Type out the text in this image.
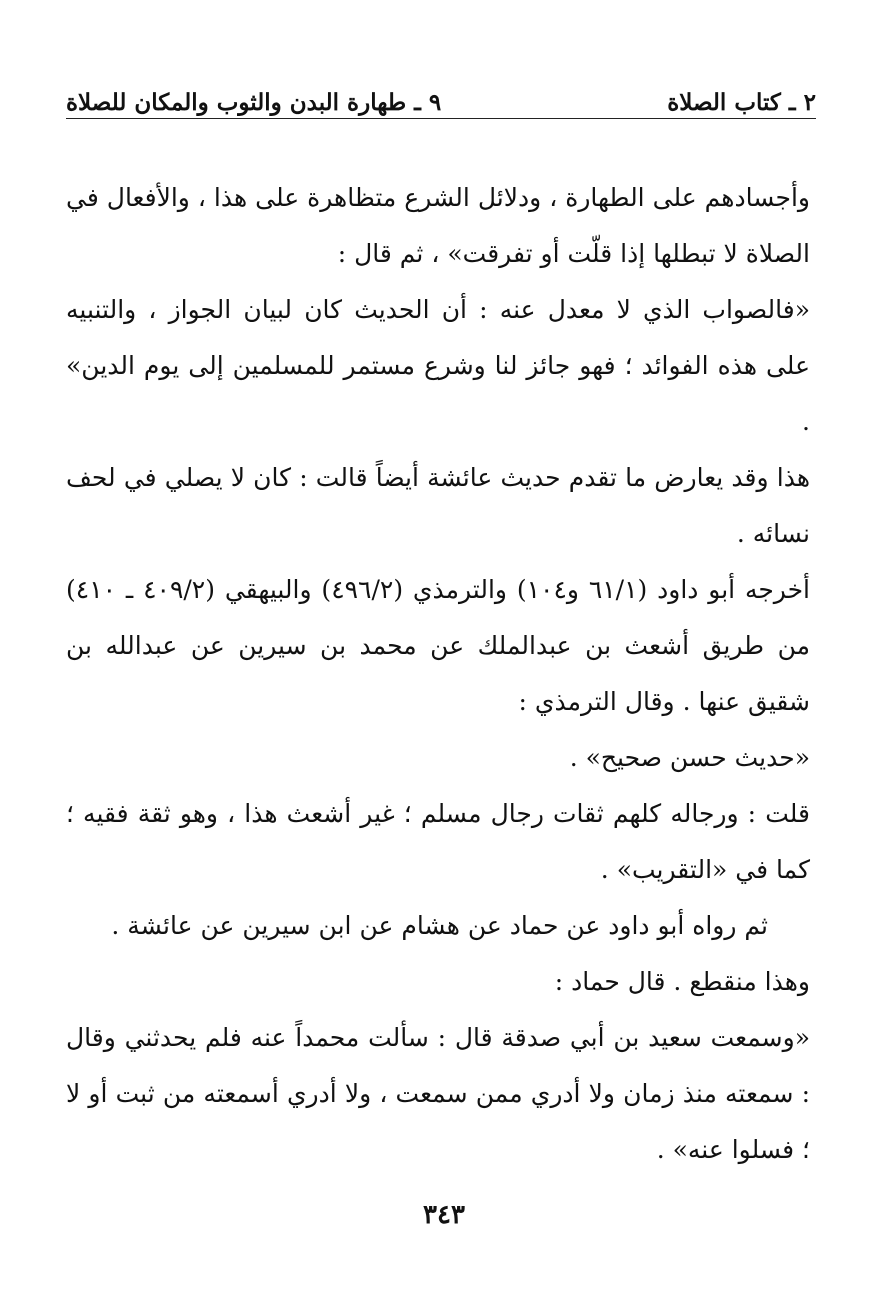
٢ ـ كتاب الصلاة
٩ ـ طهارة البدن والثوب والمكان للصلاة

وأجسادهم على الطهارة ، ودلائل الشرع متظاهرة على هذا ، والأفعال في الصلاة لا تبطلها إذا قلّت أو تفرقت» ، ثم قال :

«فالصواب الذي لا معدل عنه : أن الحديث كان لبيان الجواز ، والتنبيه على هذه الفوائد ؛ فهو جائز لنا وشرع مستمر للمسلمين إلى يوم الدين» .

هذا وقد يعارض ما تقدم حديث عائشة أيضاً قالت : كان لا يصلي في لحف نسائه .

أخرجه أبو داود (٦١/١ و١٠٤) والترمذي (٤٩٦/٢) والبيهقي (٤٠٩/٢ ـ ٤١٠) من طريق أشعث بن عبدالملك عن محمد بن سيرين عن عبدالله بن شقيق عنها . وقال الترمذي :

«حديث حسن صحيح» .

قلت : ورجاله كلهم ثقات رجال مسلم ؛ غير أشعث هذا ، وهو ثقة فقيه ؛ كما في «التقريب» .

ثم رواه أبو داود عن حماد عن هشام عن ابن سيرين عن عائشة .

وهذا منقطع . قال حماد :

«وسمعت سعيد بن أبي صدقة قال : سألت محمداً عنه فلم يحدثني وقال : سمعته منذ زمان ولا أدري ممن سمعت ، ولا أدري أسمعته من ثبت أو لا ؛ فسلوا عنه» .

٣٤٣
